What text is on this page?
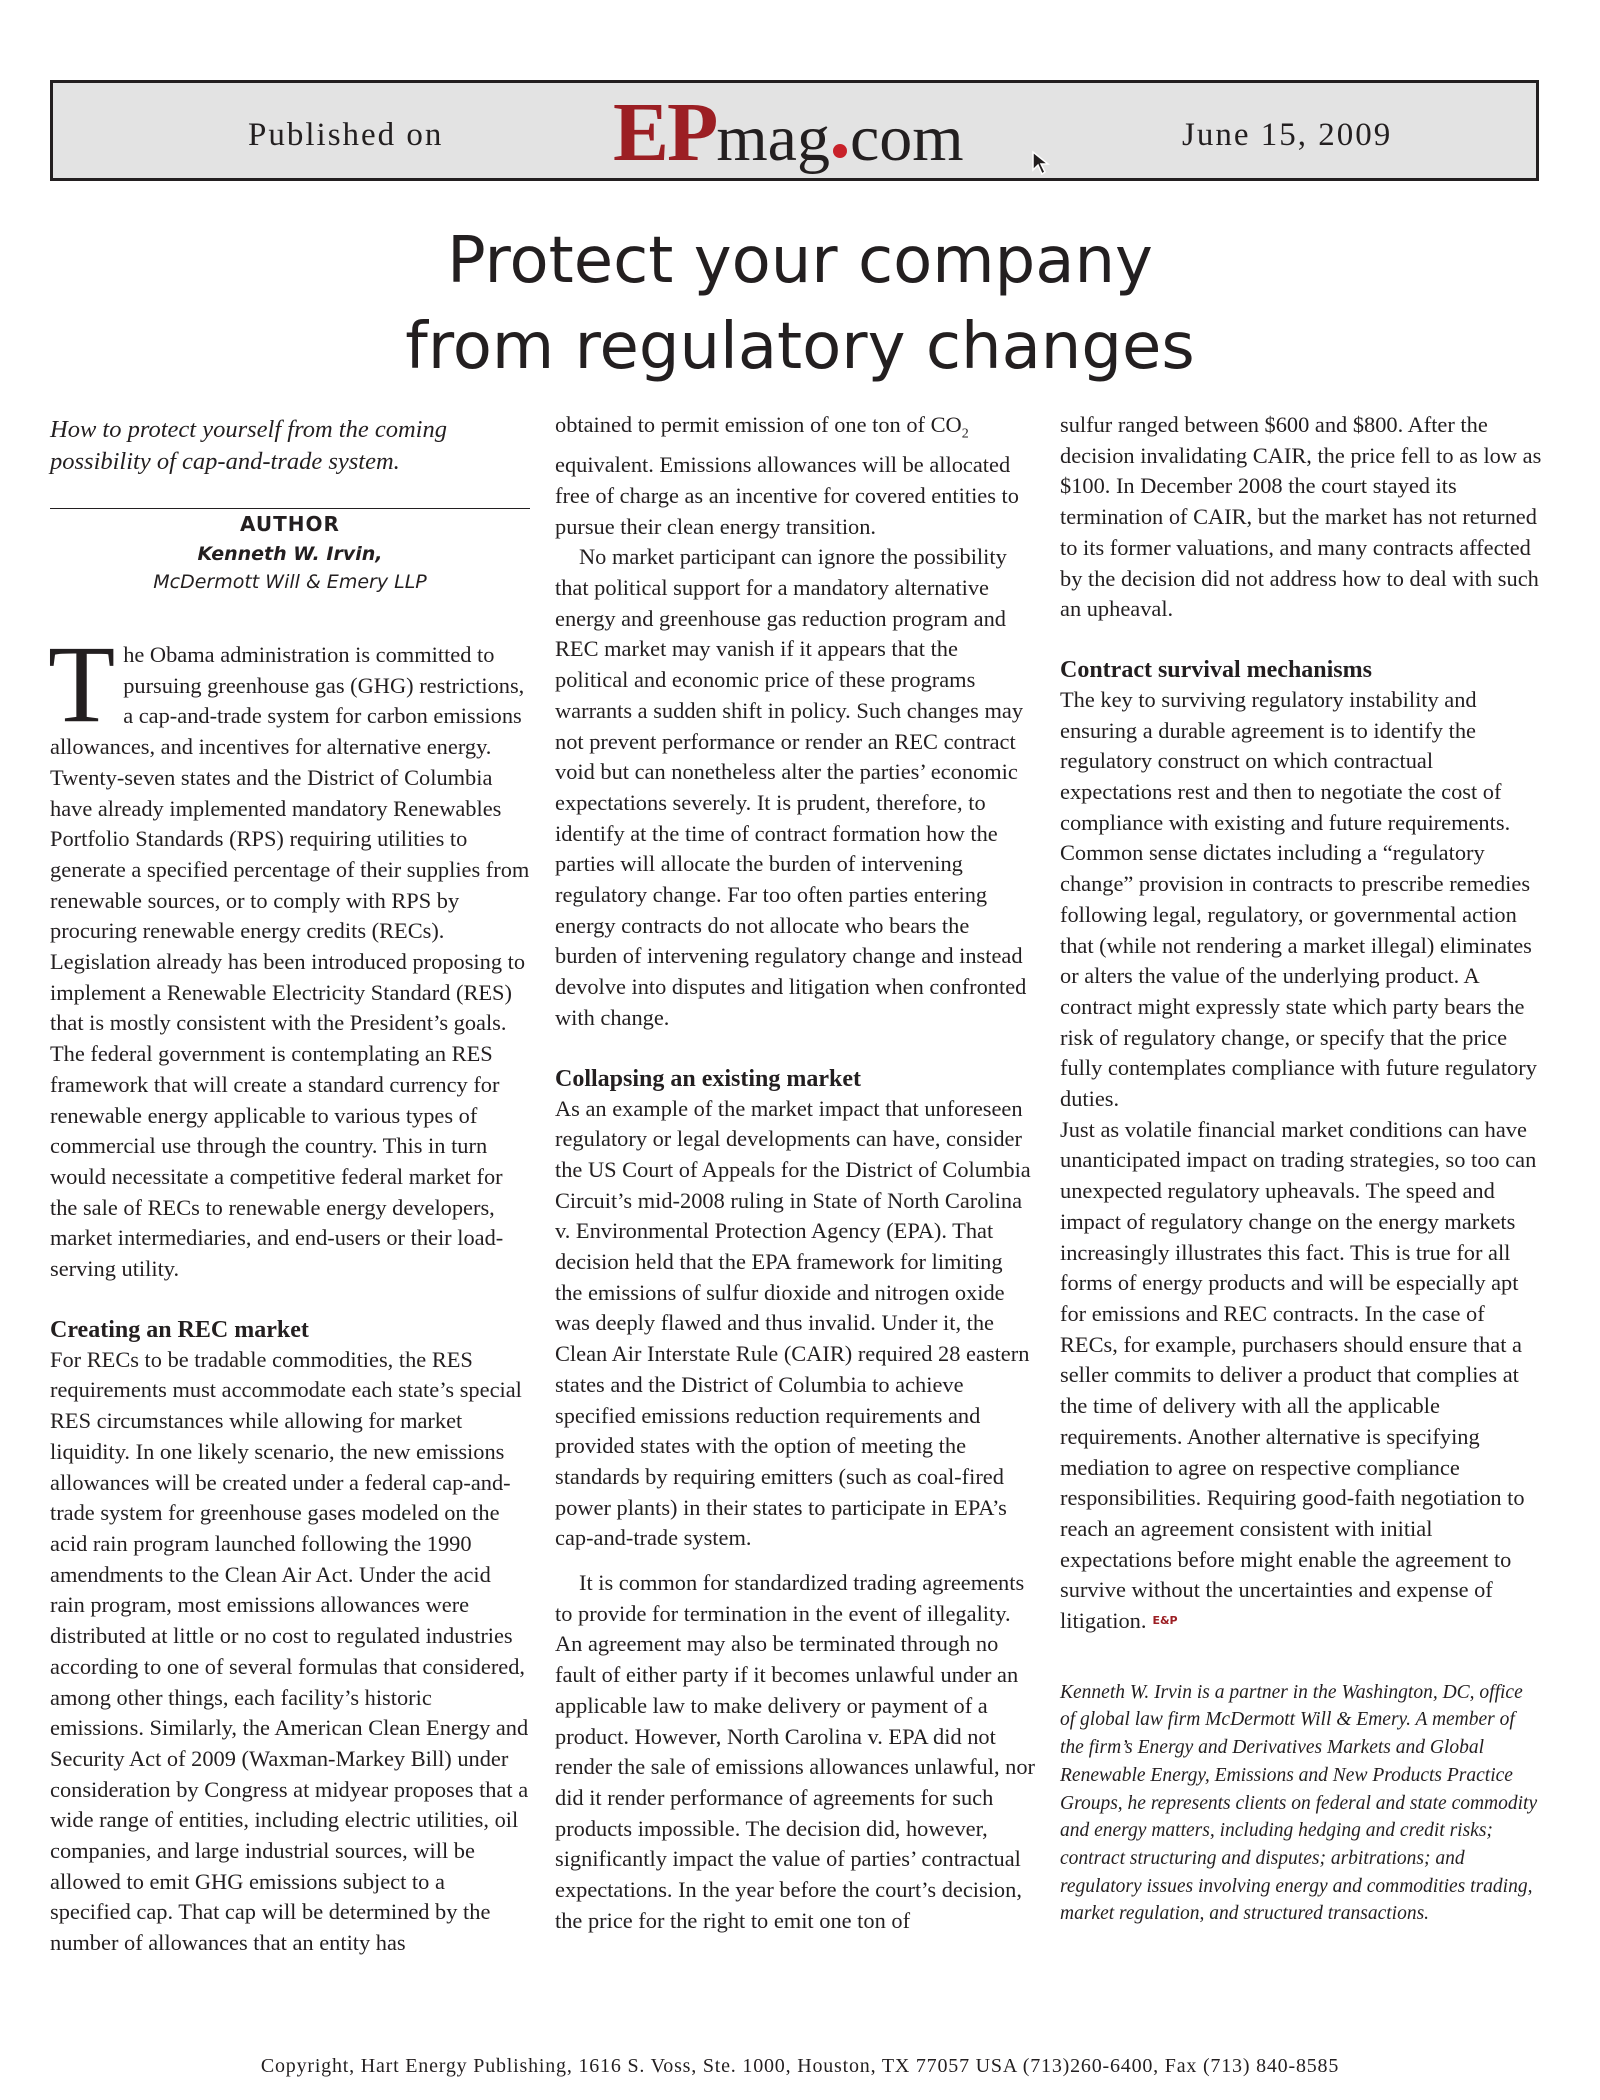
Published on EPmag com	June 15, 2009
Protect your company
from regulatory changes
How to protect yourself from the coming possibility of cap-and-trade system.
AUTHOR
Kenneth W. Irvin,
McDermott Will & Emery LLP

The Obama administration is committed to pursuing greenhouse gas (GHG) restrictions, a cap-and-trade system for carbon emissions allowances, and incentives for alternative energy. Twenty-seven states and the District of Columbia have already implemented mandatory Renewables Portfolio Standards (RPS) requiring utilities to generate a specified percentage of their supplies from renewable sources, or to comply with RPS by procuring renewable energy credits (RECs). Legislation already has been introduced proposing to implement a Renewable Electricity Standard (RES) that is mostly consistent with the President’s goals. The federal government is contemplating an RES framework that will create a standard currency for renewable energy applicable to various types of commercial use through the country. This in turn would necessitate a competitive federal market for the sale of RECs to renewable energy developers, market intermediaries, and end-users or their load-serving utility.

Creating an REC market

For RECs to be tradable commodities, the RES requirements must accommodate each state’s special RES circumstances while allowing for market liquidity. In one likely scenario, the new emissions allowances will be created under a federal cap-and-trade system for greenhouse gases modeled on the acid rain program launched following the 1990 amendments to the Clean Air Act. Under the acid rain program, most emissions allowances were distributed at little or no cost to regulated industries according to one of several formulas that considered, among other things, each facility’s historic emissions. Similarly, the American Clean Energy and Security Act of 2009 (Waxman-Markey Bill) under consideration by Congress at midyear proposes that a wide range of entities, including electric utilities, oil companies, and large industrial sources, will be allowed to emit GHG emissions subject to a specified cap. That cap will be determined by the number of allowances that an entity has

obtained to permit emission of one ton of $CO_2$ equivalent. Emissions allowances will be allocated free of charge as an incentive for covered entities to pursue their clean energy transition.

No market participant can ignore the possibility that political support for a mandatory alternative energy and greenhouse gas reduction program and REC market may vanish if it appears that the political and economic price of these programs warrants a sudden shift in policy. Such changes may not prevent performance or render an REC contract void but can nonetheless alter the parties’ economic expectations severely. It is prudent, therefore, to identify at the time of contract formation how the parties will allocate the burden of intervening regulatory change. Far too often parties entering energy contracts do not allocate who bears the burden of intervening regulatory change and instead devolve into disputes and litigation when confronted with change.

Collapsing an existing market

As an example of the market impact that unforeseen regulatory or legal developments can have, consider the US Court of Appeals for the District of Columbia Circuit’s mid-2008 ruling in State of North Carolina v. Environmental Protection Agency (EPA). That decision held that the EPA framework for limiting the emissions of sulfur dioxide and nitrogen oxide was deeply flawed and thus invalid. Under it, the Clean Air Interstate Rule (CAIR) required 28 eastern states and the District of Columbia to achieve specified emissions reduction requirements and provided states with the option of meeting the standards by requiring emitters (such as coal-fired power plants) in their states to participate in EPA’s cap-and-trade system.

It is common for standardized trading agreements to provide for termination in the event of illegality. An agreement may also be terminated through no fault of either party if it becomes unlawful under an applicable law to make delivery or payment of a product. However, North Carolina v. EPA did not render the sale of emissions allowances unlawful, nor did it render performance of agreements for such products impossible. The decision did, however, significantly impact the value of parties’ contractual expectations. In the year before the court’s decision, the price for the right to emit one ton of

sulfur ranged between $600 and $800. After the decision invalidating CAIR, the price fell to as low as $100. In December 2008 the court stayed its termination of CAIR, but the market has not returned to its former valuations, and many contracts affected by the decision did not address how to deal with such an upheaval.

Contract survival mechanisms

The key to surviving regulatory instability and ensuring a durable agreement is to identify the regulatory construct on which contractual expectations rest and then to negotiate the cost of compliance with existing and future requirements. Common sense dictates including a “regulatory change” provision in contracts to prescribe remedies following legal, regulatory, or governmental action that (while not rendering a market illegal) eliminates or alters the value of the underlying product. A contract might expressly state which party bears the risk of regulatory change, or specify that the price fully contemplates compliance with future regulatory duties.

Just as volatile financial market conditions can have unanticipated impact on trading strategies, so too can unexpected regulatory upheavals. The speed and impact of regulatory change on the energy markets increasingly illustrates this fact. This is true for all forms of energy products and will be especially apt for emissions and REC contracts. In the case of RECs, for example, purchasers should ensure that a seller commits to deliver a product that complies at the time of delivery with all the applicable requirements. Another alternative is specifying mediation to agree on respective compliance responsibilities. Requiring good-faith negotiation to reach an agreement consistent with initial expectations before might enable the agreement to survive without the uncertainties and expense of litigation. E&P

Kenneth W. Irvin is a partner in the Washington, DC, office of global law firm McDermott Will & Emery. A member of the firm’s Energy and Derivatives Markets and Global Renewable Energy, Emissions and New Products Practice Groups, he represents clients on federal and state commodity and energy matters, including hedging and credit risks; contract structuring and disputes; arbitrations; and regulatory issues involving energy and commodities trading, market regulation, and structured transactions.

Copyright, Hart Energy Publishing, 1616 S. Voss, Ste. 1000, Houston, TX 77057 USA (713)260-6400, Fax (713) 840-8585
